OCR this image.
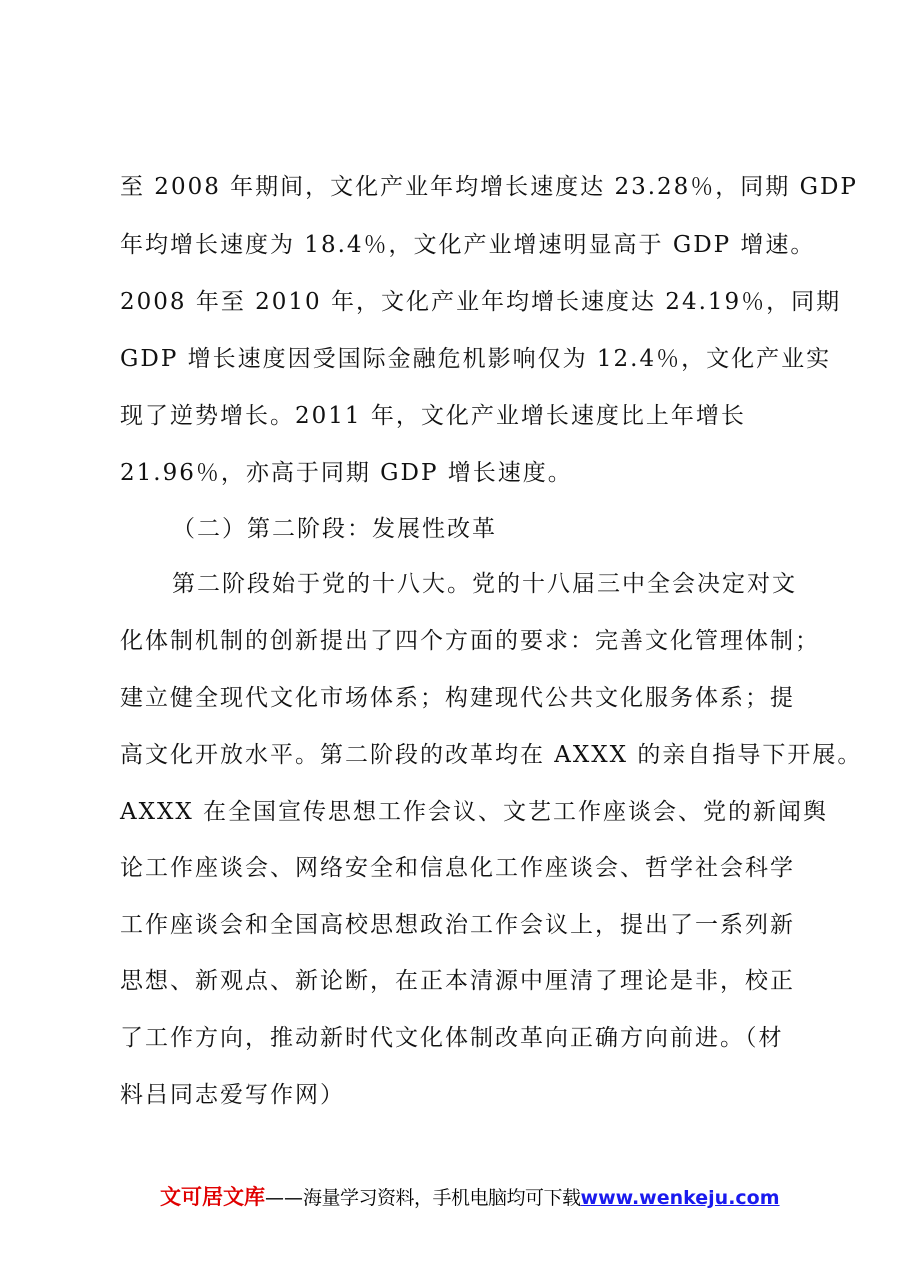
至 2008 年期间，文化产业年均增长速度达 23.28％，同期 GDP
年均增长速度为 18.4％，文化产业增速明显高于 GDP 增速。
2008 年至 2010 年，文化产业年均增长速度达 24.19％，同期
GDP 增长速度因受国际金融危机影响仅为 12.4％，文化产业实
现了逆势增长。2011 年，文化产业增长速度比上年增长
21.96％，亦高于同期 GDP 增长速度。
（二）第二阶段：发展性改革
第二阶段始于党的十八大。党的十八届三中全会决定对文
化体制机制的创新提出了四个方面的要求：完善文化管理体制；
建立健全现代文化市场体系；构建现代公共文化服务体系；提
高文化开放水平。第二阶段的改革均在 AXXX 的亲自指导下开展。
AXXX 在全国宣传思想工作会议、文艺工作座谈会、党的新闻舆
论工作座谈会、网络安全和信息化工作座谈会、哲学社会科学
工作座谈会和全国高校思想政治工作会议上，提出了一系列新
思想、新观点、新论断，在正本清源中厘清了理论是非，校正
了工作方向，推动新时代文化体制改革向正确方向前进。（材
料吕同志爱写作网）
文可居文库——海量学习资料，手机电脑均可下载www.wenkeju.com
